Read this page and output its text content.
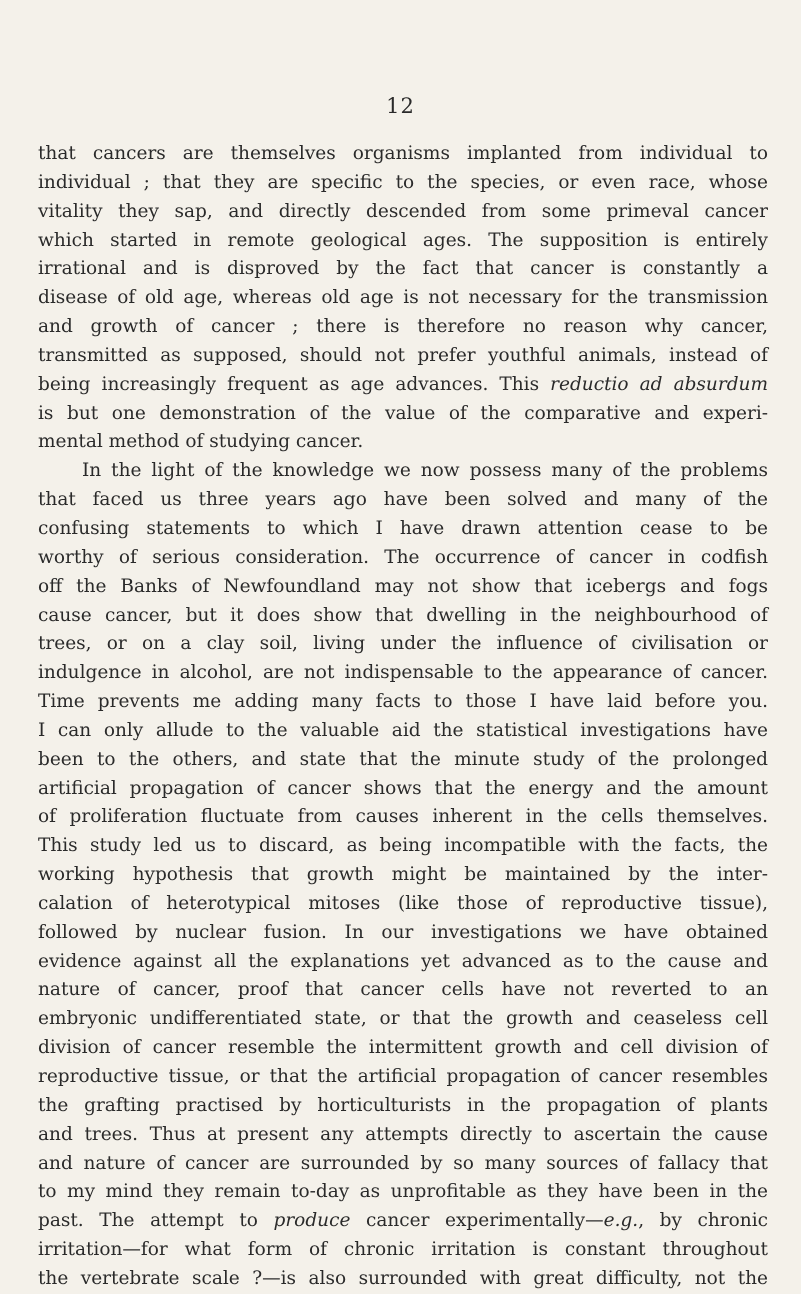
12
that cancers are themselves organisms implanted from individual to
individual ; that they are specific to the species, or even race, whose
vitality they sap, and directly descended from some primeval cancer
which started in remote geological ages. The supposition is entirely
irrational and is disproved by the fact that cancer is constantly a
disease of old age, whereas old age is not necessary for the transmission
and growth of cancer ; there is therefore no reason why cancer,
transmitted as supposed, should not prefer youthful animals, instead of
being increasingly frequent as age advances. This reductio ad absurdum
is but one demonstration of the value of the comparative and experi-
mental method of studying cancer.
In the light of the knowledge we now possess many of the problems
that faced us three years ago have been solved and many of the
confusing statements to which I have drawn attention cease to be
worthy of serious consideration. The occurrence of cancer in codfish
off the Banks of Newfoundland may not show that icebergs and fogs
cause cancer, but it does show that dwelling in the neighbourhood of
trees, or on a clay soil, living under the influence of civilisation or
indulgence in alcohol, are not indispensable to the appearance of cancer.
Time prevents me adding many facts to those I have laid before you.
I can only allude to the valuable aid the statistical investigations have
been to the others, and state that the minute study of the prolonged
artificial propagation of cancer shows that the energy and the amount
of proliferation fluctuate from causes inherent in the cells themselves.
This study led us to discard, as being incompatible with the facts, the
working hypothesis that growth might be maintained by the inter-
calation of heterotypical mitoses (like those of reproductive tissue),
followed by nuclear fusion. In our investigations we have obtained
evidence against all the explanations yet advanced as to the cause and
nature of cancer, proof that cancer cells have not reverted to an
embryonic undifferentiated state, or that the growth and ceaseless cell
division of cancer resemble the intermittent growth and cell division of
reproductive tissue, or that the artificial propagation of cancer resembles
the grafting practised by horticulturists in the propagation of plants
and trees. Thus at present any attempts directly to ascertain the cause
and nature of cancer are surrounded by so many sources of fallacy that
to my mind they remain to-day as unprofitable as they have been in the
past. The attempt to produce cancer experimentally—e.g., by chronic
irritation—for what form of chronic irritation is constant throughout
the vertebrate scale ?—is also surrounded with great difficulty, not the
